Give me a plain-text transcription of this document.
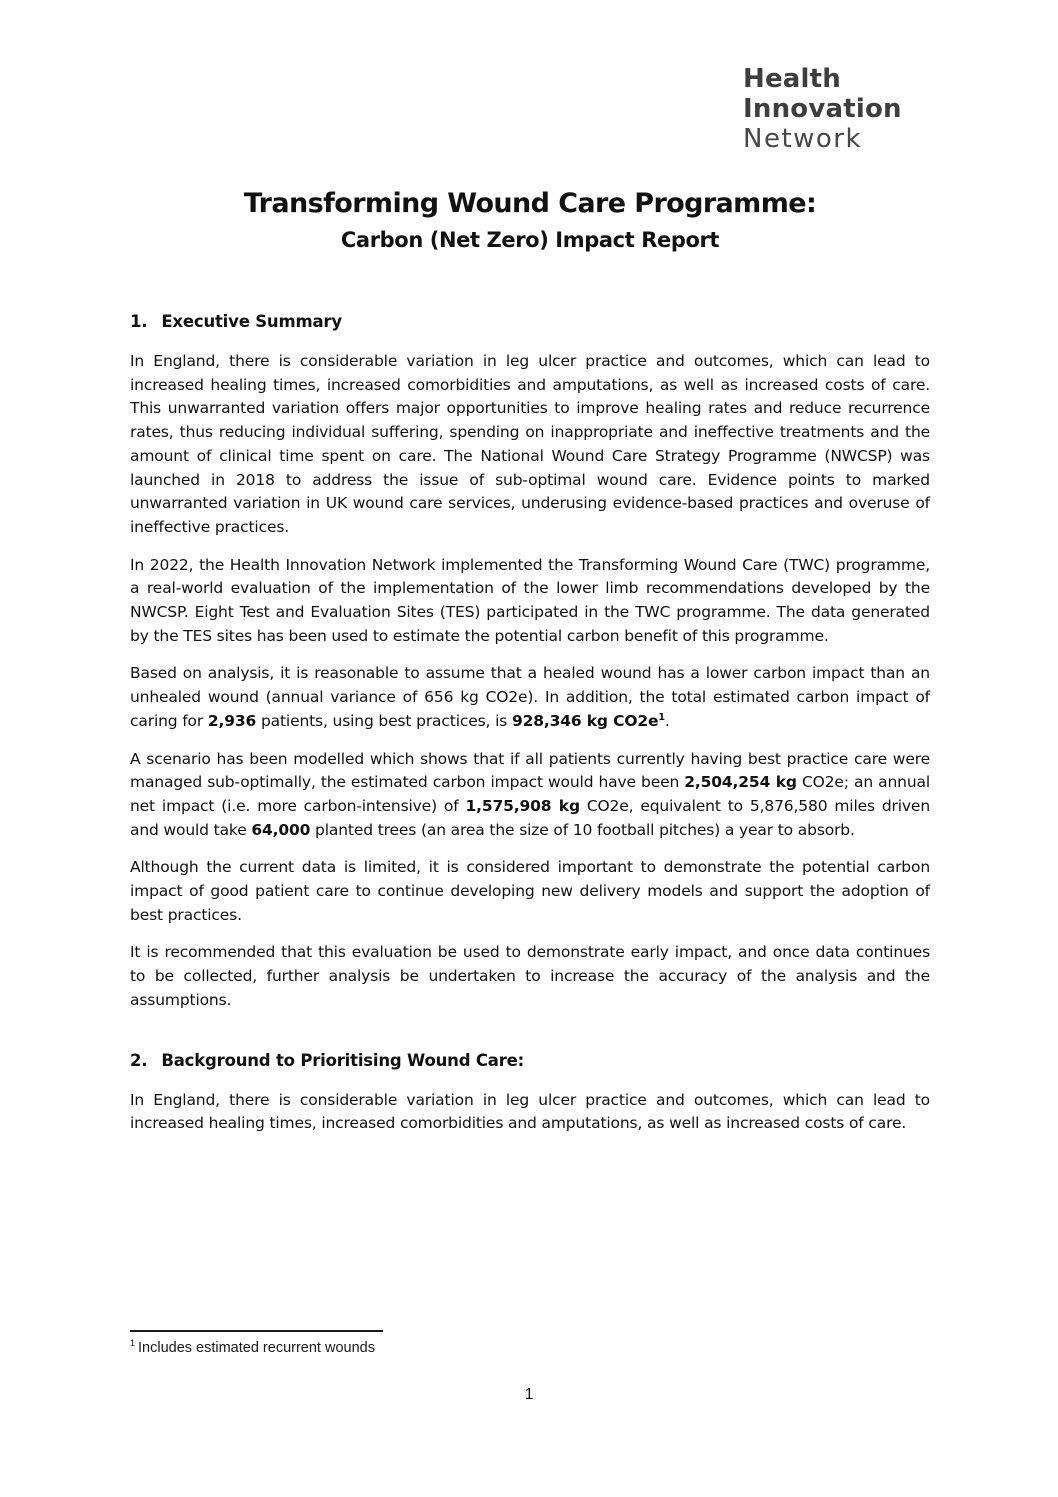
Health
Innovation
Network
Transforming Wound Care Programme:
Carbon (Net Zero) Impact Report
1. Executive Summary

In England, there is considerable variation in leg ulcer practice and outcomes, which can lead to increased healing times, increased comorbidities and amputations, as well as increased costs of care. This unwarranted variation offers major opportunities to improve healing rates and reduce recurrence rates, thus reducing individual suffering, spending on inappropriate and ineffective treatments and the amount of clinical time spent on care. The National Wound Care Strategy Programme (NWCSP) was launched in 2018 to address the issue of sub-optimal wound care. Evidence points to marked unwarranted variation in UK wound care services, underusing evidence-based practices and overuse of ineffective practices.

In 2022, the Health Innovation Network implemented the Transforming Wound Care (TWC) programme, a real-world evaluation of the implementation of the lower limb recommendations developed by the NWCSP. Eight Test and Evaluation Sites (TES) participated in the TWC programme. The data generated by the TES sites has been used to estimate the potential carbon benefit of this programme.

Based on analysis, it is reasonable to assume that a healed wound has a lower carbon impact than an unhealed wound (annual variance of 656 kg CO2e). In addition, the total estimated carbon impact of caring for 2,936 patients, using best practices, is 928,346 kg $CO2e^1$.

A scenario has been modelled which shows that if all patients currently having best practice care were managed sub-optimally, the estimated carbon impact would have been 2,504,254 kg CO2e; an annual net impact (i.e. more carbon-intensive) of 1,575,908 kg CO2e, equivalent to 5,876,580 miles driven and would take 64,000 planted trees (an area the size of 10 football pitches) a year to absorb.

Although the current data is limited, it is considered important to demonstrate the potential carbon impact of good patient care to continue developing new delivery models and support the adoption of best practices.

It is recommended that this evaluation be used to demonstrate early impact, and once data continues to be collected, further analysis be undertaken to increase the accuracy of the analysis and the assumptions.

2. Background to Prioritising Wound Care:

In England, there is considerable variation in leg ulcer practice and outcomes, which can lead to increased healing times, increased comorbidities and amputations, as well as increased costs of care.

$^1$ Includes estimated recurrent wounds
1
